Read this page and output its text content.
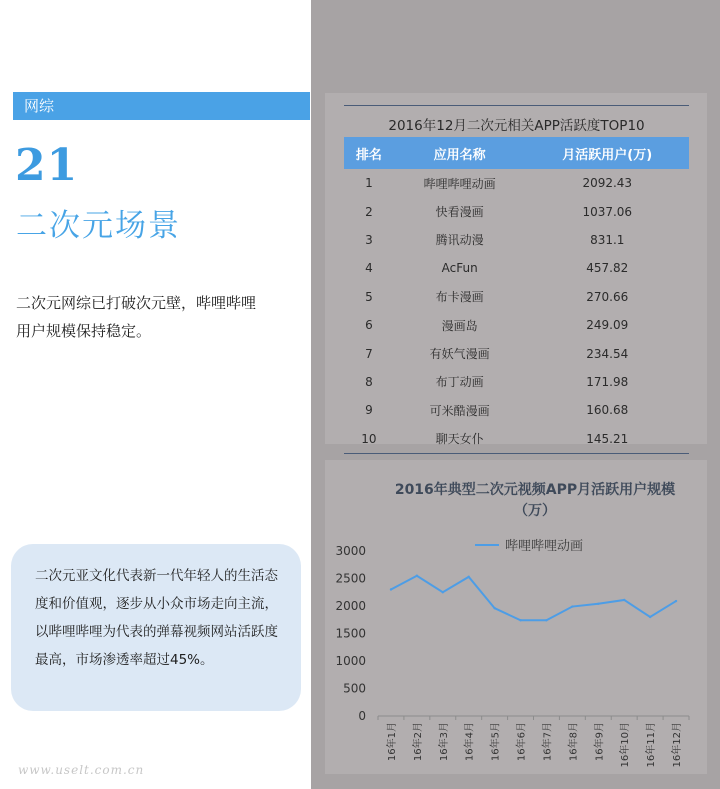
网综
21
二次元场景
二次元网综已打破次元壁，哔哩哔哩用户规模保持稳定。
二次元亚文化代表新一代年轻人的生活态度和价值观，逐步从小众市场走向主流，以哔哩哔哩为代表的弹幕视频网站活跃度最高，市场渗透率超过45%。
2016年12月二次元相关APP活跃度TOP10
排名	应用名称	月活跃用户(万)
1	哔哩哔哩动画	2092.43
2	快看漫画	1037.06
3	腾讯动漫	831.1
4	AcFun	457.82
5	布卡漫画	270.66
6	漫画岛	249.09
7	有妖气漫画	234.54
8	布丁动画	171.98
9	可米酷漫画	160.68
10	聊天女仆	145.21
2016年典型二次元视频APP月活跃用户规模（万）
哔哩哔哩动画
0
500
1000
1500
2000
2500
3000
16年1月 16年2月 16年3月 16年4月 16年5月 16年6月 16年7月 16年8月 16年9月 16年10月 16年11月 16年12月
www.uselt.com.cn
